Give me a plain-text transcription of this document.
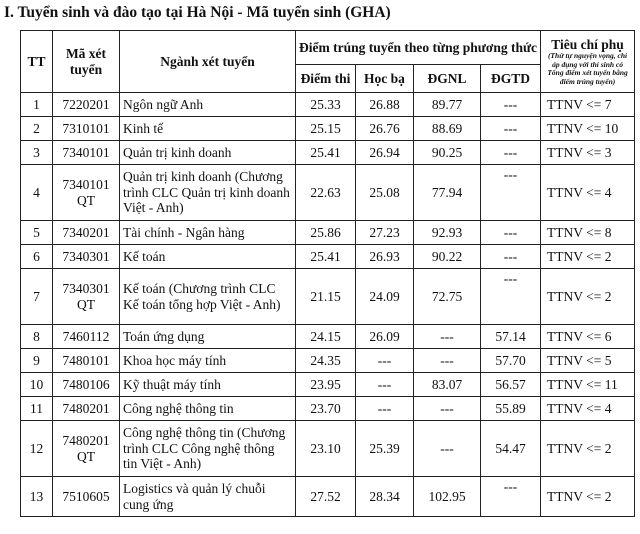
I. Tuyển sinh và đào tạo tại Hà Nội - Mã tuyển sinh (GHA)
TT	Mã xét tuyển	Ngành xét tuyển	Điểm trúng tuyển theo từng phương thức				Tiêu chí phụ
(Thứ tự nguyện vọng, chỉ áp dụng với thí sinh có Tổng điểm xét tuyển bằng điểm trúng tuyển)

			Điểm thi	Học bạ	ĐGNL	ĐGTD	
1	7220201	Ngôn ngữ Anh	25.33	26.88	89.77	---	TTNV <= 7
2	7310101	Kinh tế	25.15	26.76	88.69	---	TTNV <= 10
3	7340101	Quản trị kinh doanh	25.41	26.94	90.25	---	TTNV <= 3
4	7340101 QT	Quản trị kinh doanh (Chương trình CLC Quản trị kinh doanh Việt - Anh)	22.63	25.08	77.94	---	TTNV <= 4
5	7340201	Tài chính - Ngân hàng	25.86	27.23	92.93	---	TTNV <= 8
6	7340301	Kế toán	25.41	26.93	90.22	---	TTNV <= 2
7	7340301 QT	Kế toán (Chương trình CLC Kế toán tổng hợp Việt - Anh)	21.15	24.09	72.75	---	TTNV <= 2
8	7460112	Toán ứng dụng	24.15	26.09	---	57.14	TTNV <= 6
9	7480101	Khoa học máy tính	24.35	---	---	57.70	TTNV <= 5
10	7480106	Kỹ thuật máy tính	23.95	---	83.07	56.57	TTNV <= 11
11	7480201	Công nghệ thông tin	23.70	---	---	55.89	TTNV <= 4
12	7480201 QT	Công nghệ thông tin (Chương trình CLC Công nghệ thông tin Việt - Anh)	23.10	25.39	---	54.47	TTNV <= 2
13	7510605	Logistics và quản lý chuỗi cung ứng	27.52	28.34	102.95	---	TTNV <= 2
